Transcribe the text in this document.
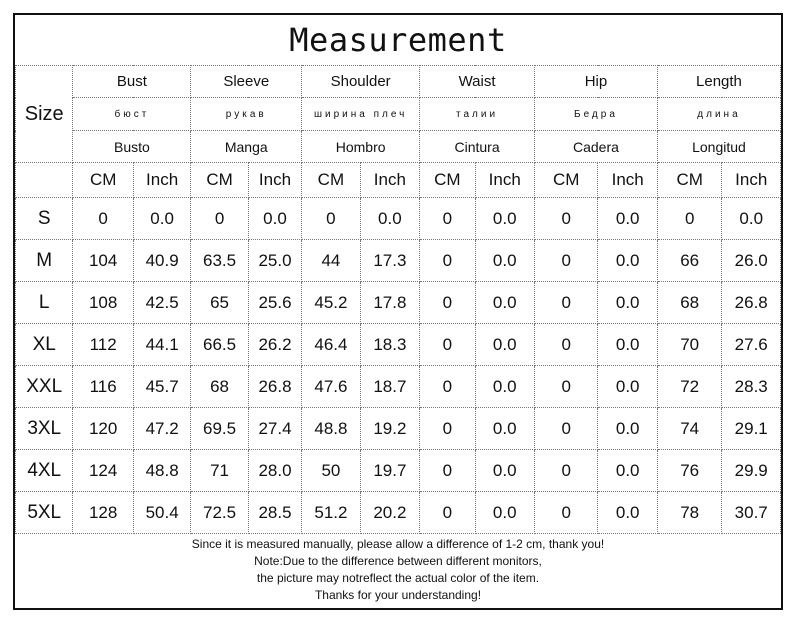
Measurement
Size	Bust		Sleeve		Shoulder		Waist		Hip		Length	
	бюст		рукав		ширина плеч		талии		Бедра		длина	
	Busto		Manga		Hombro		Cintura		Cadera		Longitud	
	CM	Inch	CM	Inch	CM	Inch	CM	Inch	CM	Inch	CM	Inch
S	0	0.0	0	0.0	0	0.0	0	0.0	0	0.0	0	0.0
M	104	40.9	63.5	25.0	44	17.3	0	0.0	0	0.0	66	26.0
L	108	42.5	65	25.6	45.2	17.8	0	0.0	0	0.0	68	26.8
XL	112	44.1	66.5	26.2	46.4	18.3	0	0.0	0	0.0	70	27.6
XXL	116	45.7	68	26.8	47.6	18.7	0	0.0	0	0.0	72	28.3
3XL	120	47.2	69.5	27.4	48.8	19.2	0	0.0	0	0.0	74	29.1
4XL	124	48.8	71	28.0	50	19.7	0	0.0	0	0.0	76	29.9
5XL	128	50.4	72.5	28.5	51.2	20.2	0	0.0	0	0.0	78	30.7
Since it is measured manually, please allow a difference of 1-2 cm, thank you!
Note:Due to the difference between different monitors,
the picture may notreflect the actual color of the item.
Thanks for your understanding!
